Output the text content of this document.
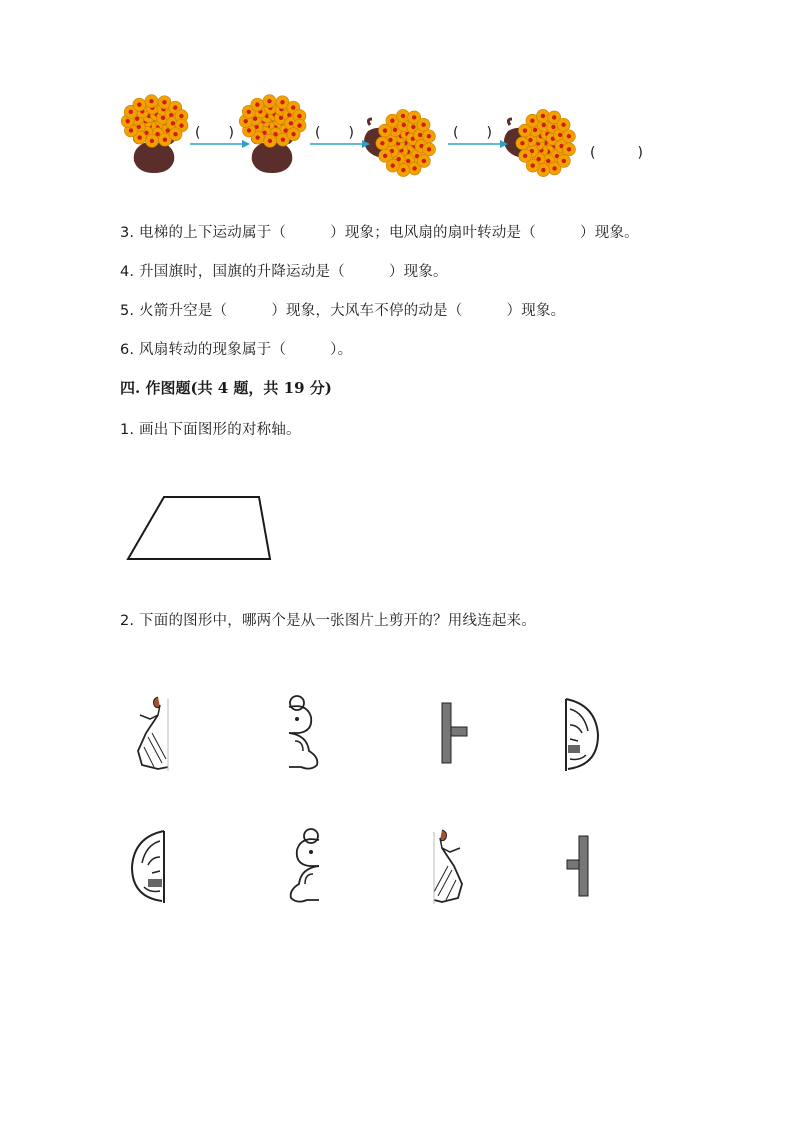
(　　)	(　　)	(　　)
(　　　)
3. 电梯的上下运动属于（　　　）现象；电风扇的扇叶转动是（　　　）现象。
4. 升国旗时，国旗的升降运动是（　　　）现象。
5. 火箭升空是（　　　）现象，大风车不停的动是（　　　）现象。
6. 风扇转动的现象属于（　　　）。
四. 作图题(共 4 题，共 19 分)
1. 画出下面图形的对称轴。
2. 下面的图形中，哪两个是从一张图片上剪开的？用线连起来。
